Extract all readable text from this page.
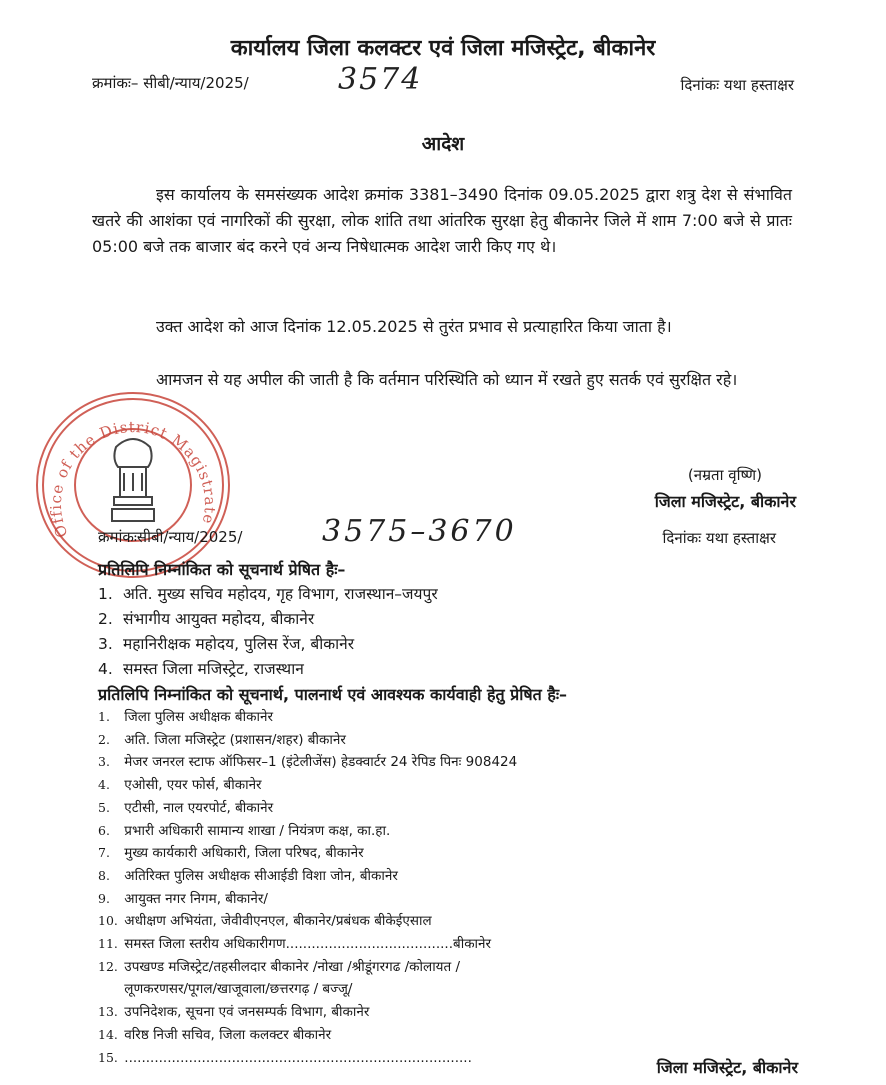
कार्यालय जिला कलक्टर एवं जिला मजिस्ट्रेट, बीकानेर
क्रमांकः– सीबी/न्याय/2025/	3574	दिनांकः यथा हस्ताक्षर
आदेश
इस कार्यालय के समसंख्यक आदेश क्रमांक 3381–3490 दिनांक 09.05.2025 द्वारा शत्रु देश से संभावित खतरे की आशंका एवं नागरिकों की सुरक्षा, लोक शांति तथा आंतरिक सुरक्षा हेतु बीकानेर जिले में शाम 7:00 बजे से प्रातः 05:00 बजे तक बाजार बंद करने एवं अन्य निषेधात्मक आदेश जारी किए गए थे।
उक्त आदेश को आज दिनांक 12.05.2025 से तुरंत प्रभाव से प्रत्याहारित किया जाता है।
आमजन से यह अपील की जाती है कि वर्तमान परिस्थिति को ध्यान में रखते हुए सतर्क एवं सुरक्षित रहे।
Office of the District Magistrate
(नम्रता वृष्णि)
जिला मजिस्ट्रेट, बीकानेर
क्रमांकःसीबी/न्याय/2025/	3575–3670	दिनांकः यथा हस्ताक्षर
प्रतिलिपि निम्नांकित को सूचनार्थ प्रेषित हैः–
1. अति. मुख्य सचिव महोदय, गृह विभाग, राजस्थान–जयपुर
2. संभागीय आयुक्त महोदय, बीकानेर
3. महानिरीक्षक महोदय, पुलिस रेंज, बीकानेर
4. समस्त जिला मजिस्ट्रेट, राजस्थान
प्रतिलिपि निम्नांकित को सूचनार्थ, पालनार्थ एवं आवश्यक कार्यवाही हेतु प्रेषित हैः–
1. जिला पुलिस अधीक्षक बीकानेर
2. अति. जिला मजिस्ट्रेट (प्रशासन/शहर) बीकानेर
3. मेजर जनरल स्टाफ ऑफिसर–1 (इंटेलीजेंस) हेडक्वार्टर 24 रेपिड पिनः 908424
4. एओसी, एयर फोर्स, बीकानेर
5. एटीसी, नाल एयरपोर्ट, बीकानेर
6. प्रभारी अधिकारी सामान्य शाखा / नियंत्रण कक्ष, का.हा.
7. मुख्य कार्यकारी अधिकारी, जिला परिषद, बीकानेर
8. अतिरिक्त पुलिस अधीक्षक सीआईडी विशा जोन, बीकानेर
9. आयुक्त नगर निगम, बीकानेर/
10. अधीक्षण अभियंता, जेवीवीएनएल, बीकानेर/प्रबंधक बीकेईएसाल
11. समस्त जिला स्तरीय अधिकारीगण.......................................बीकानेर
12. उपखण्ड मजिस्ट्रेट/तहसीलदार बीकानेर /नोखा /श्रीडूंगरगढ /कोलायत /
लूणकरणसर/पूगल/खाजूवाला/छत्तरगढ़ / बज्जू/
13. उपनिदेशक, सूचना एवं जनसम्पर्क विभाग, बीकानेर
14. वरिष्ठ निजी सचिव, जिला कलक्टर बीकानेर
15. .................................................................................
जिला मजिस्ट्रेट, बीकानेर
